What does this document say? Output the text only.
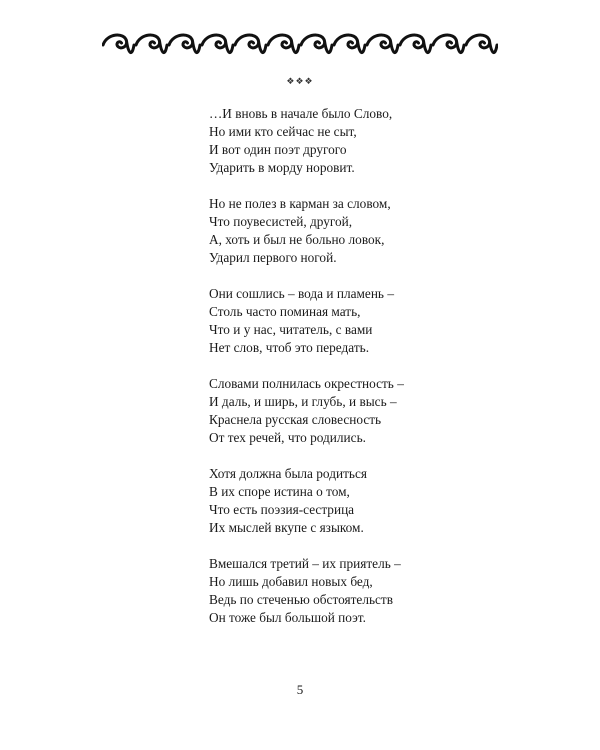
❖❖❖
…И вновь в начале было Слово,
Но ими кто сейчас не сыт,
И вот один поэт другого
Ударить в морду норовит.
Но не полез в карман за словом,
Что поувесистей, другой,
А, хоть и был не больно ловок,
Ударил первого ногой.
Они сошлись – вода и пламень –
Столь часто поминая мать,
Что и у нас, читатель, с вами
Нет слов, чтоб это передать.
Словами полнилась окрестность –
И даль, и ширь, и глубь, и высь –
Краснела русская словесность
От тех речей, что родились.
Хотя должна была родиться
В их споре истина о том,
Что есть поэзия-сестрица
Их мыслей вкупе с языком.
Вмешался третий – их приятель –
Но лишь добавил новых бед,
Ведь по стеченью обстоятельств
Он тоже был большой поэт.
5
